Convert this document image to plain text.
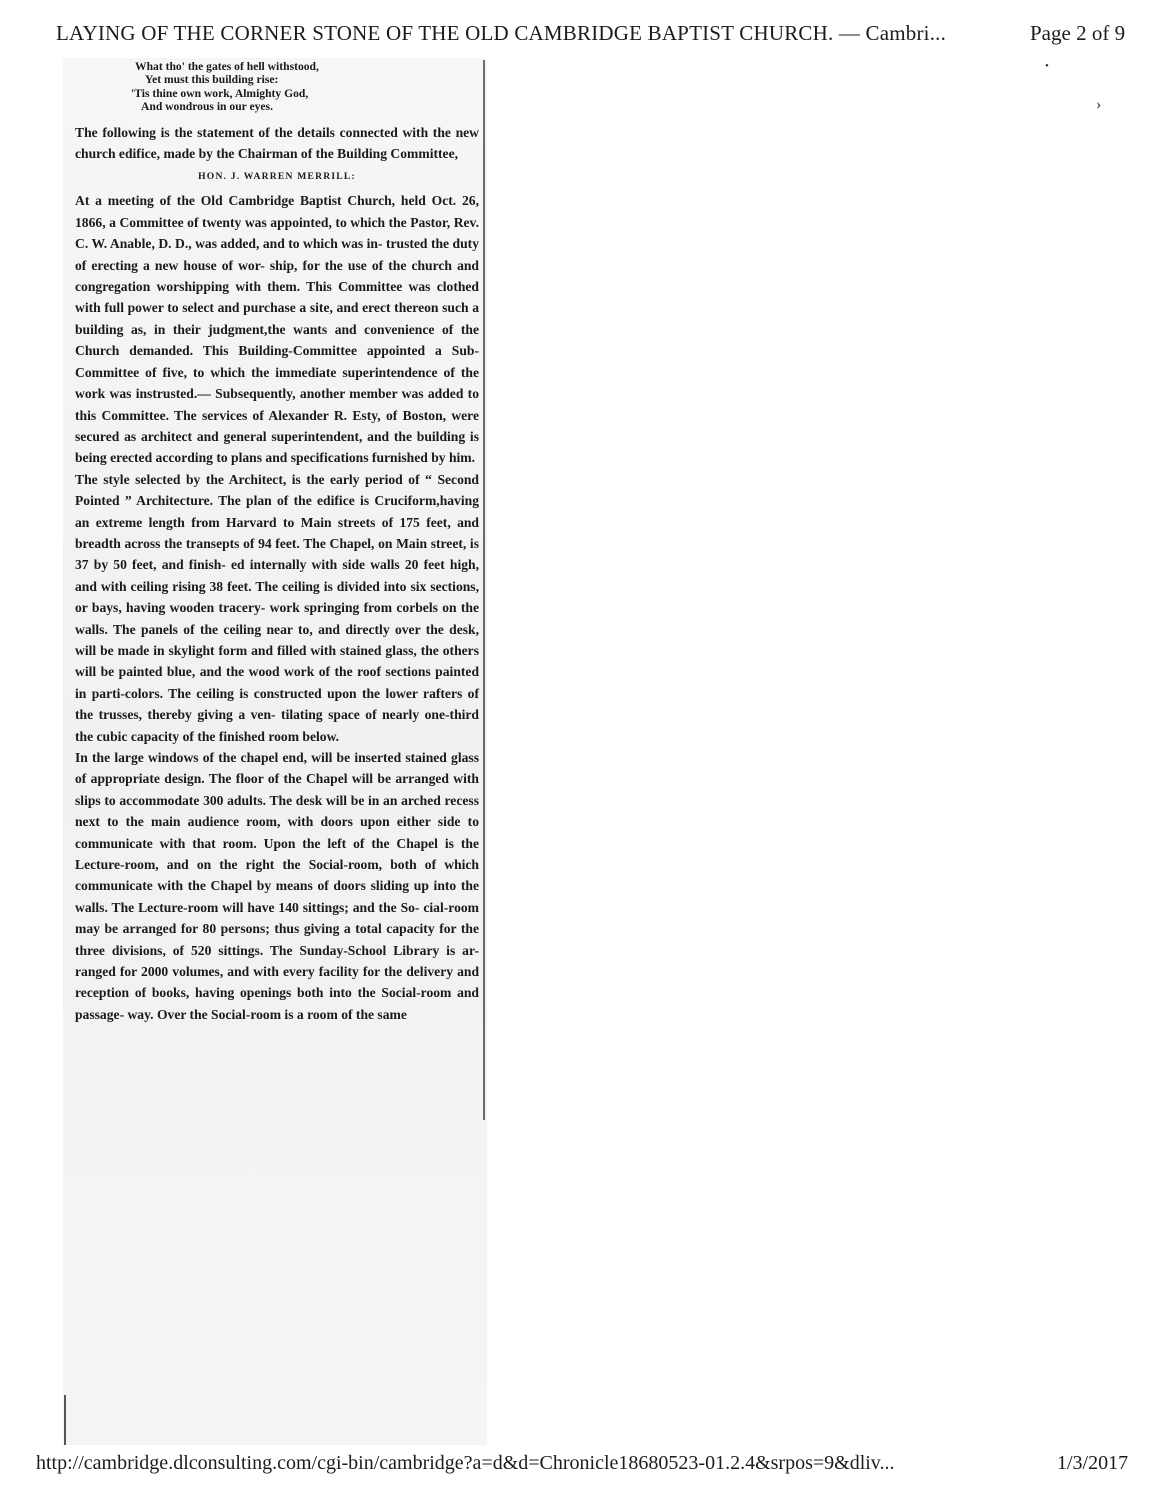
LAYING OF THE CORNER STONE OF THE OLD CAMBRIDGE BAPTIST CHURCH. — Cambri...	Page 2 of 9
What tho' the gates of hell withstood,
Yet must this building rise:
'Tis thine own work, Almighty God,
And wondrous in our eyes.

The following is the statement of the details connected with the new church edifice, made by the Chairman of the Building Committee,

HON. J. WARREN MERRILL:

At a meeting of the Old Cambridge Baptist Church, held Oct. 26, 1866, a Committee of twenty was appointed, to which the Pastor, Rev. C. W. Anable, D. D., was added, and to which was in- trusted the duty of erecting a new house of wor- ship, for the use of the church and congregation worshipping with them. This Committee was clothed with full power to select and purchase a site, and erect thereon such a building as, in their judgment,the wants and convenience of the Church demanded. This Building-Committee appointed a Sub-Committee of five, to which the immediate superintendence of the work was instrusted.— Subsequently, another member was added to this Committee. The services of Alexander R. Esty, of Boston, were secured as architect and general superintendent, and the building is being erected according to plans and specifications furnished by him.

The style selected by the Architect, is the early period of “ Second Pointed ” Architecture. The plan of the edifice is Cruciform,having an extreme length from Harvard to Main streets of 175 feet, and breadth across the transepts of 94 feet. The Chapel, on Main street, is 37 by 50 feet, and finish- ed internally with side walls 20 feet high, and with ceiling rising 38 feet. The ceiling is divided into six sections, or bays, having wooden tracery- work springing from corbels on the walls. The panels of the ceiling near to, and directly over the desk, will be made in skylight form and filled with stained glass, the others will be painted blue, and the wood work of the roof sections painted in parti-colors. The ceiling is constructed upon the lower rafters of the trusses, thereby giving a ven- tilating space of nearly one-third the cubic capacity of the finished room below.

In the large windows of the chapel end, will be inserted stained glass of appropriate design. The floor of the Chapel will be arranged with slips to accommodate 300 adults. The desk will be in an arched recess next to the main audience room, with doors upon either side to communicate with that room. Upon the left of the Chapel is the Lecture-room, and on the right the Social-room, both of which communicate with the Chapel by means of doors sliding up into the walls. The Lecture-room will have 140 sittings; and the So- cial-room may be arranged for 80 persons; thus giving a total capacity for the three divisions, of 520 sittings. The Sunday-School Library is ar- ranged for 2000 volumes, and with every facility for the delivery and reception of books, having openings both into the Social-room and passage- way. Over the Social-room is a room of the same

•
›
http://cambridge.dlconsulting.com/cgi-bin/cambridge?a=d&d=Chronicle18680523-01.2.4&srpos=9&dliv...	1/3/2017
